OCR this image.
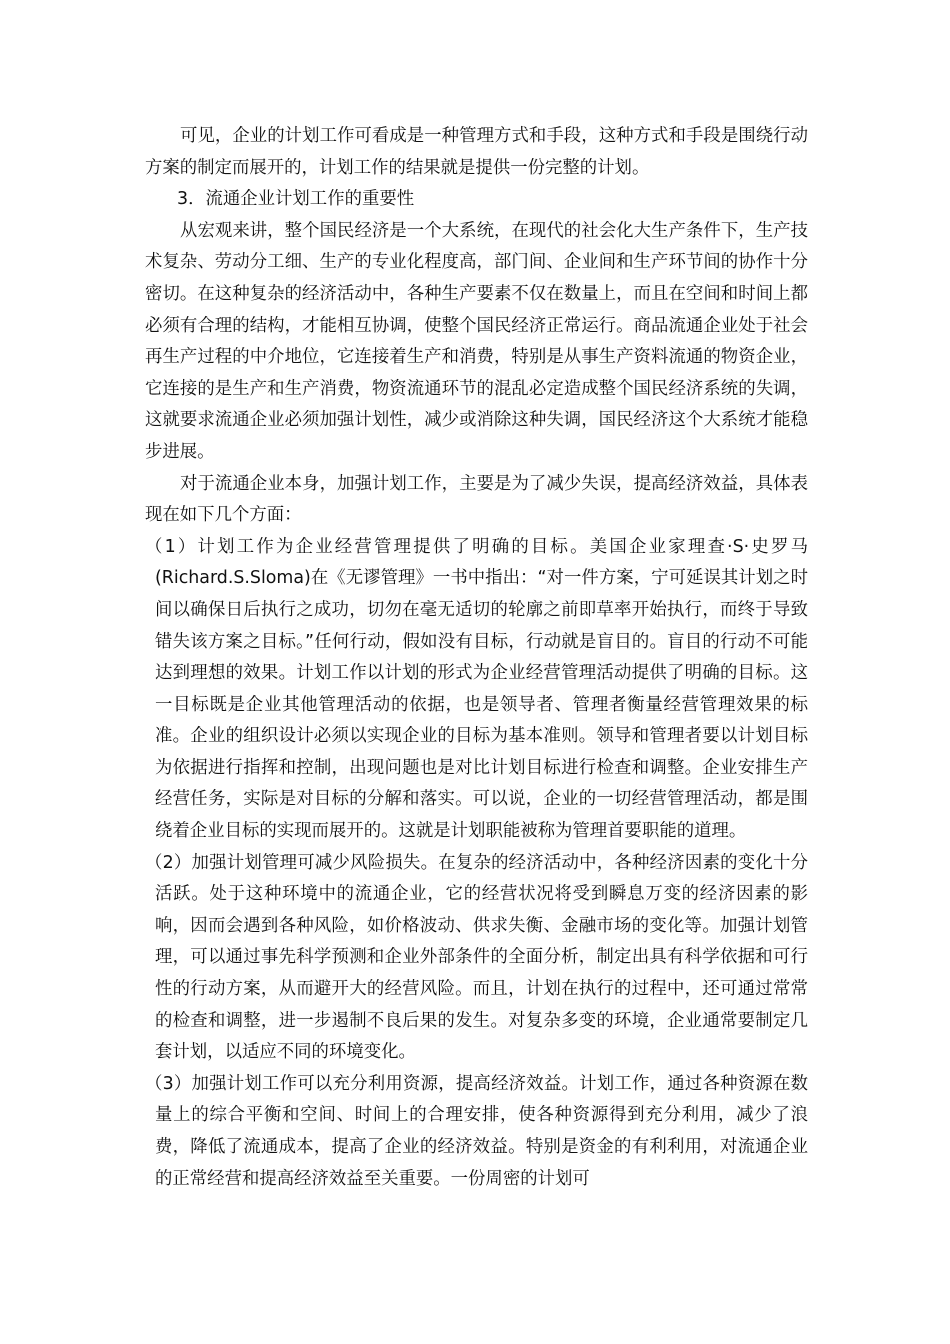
可见，企业的计划工作可看成是一种管理方式和手段，这种方式和手段是围绕行动方案的制定而展开的，计划工作的结果就是提供一份完整的计划。

3．流通企业计划工作的重要性

从宏观来讲，整个国民经济是一个大系统，在现代的社会化大生产条件下，生产技术复杂、劳动分工细、生产的专业化程度高，部门间、企业间和生产环节间的协作十分密切。在这种复杂的经济活动中，各种生产要素不仅在数量上，而且在空间和时间上都必须有合理的结构，才能相互协调，使整个国民经济正常运行。商品流通企业处于社会再生产过程的中介地位，它连接着生产和消费，特别是从事生产资料流通的物资企业，它连接的是生产和生产消费，物资流通环节的混乱必定造成整个国民经济系统的失调，这就要求流通企业必须加强计划性，减少或消除这种失调，国民经济这个大系统才能稳步进展。

对于流通企业本身，加强计划工作，主要是为了减少失误，提高经济效益，具体表现在如下几个方面：

（1）计划工作为企业经营管理提供了明确的目标。美国企业家理查·S·史罗马(Richard.S.Sloma)在《无谬管理》一书中指出：“对一件方案，宁可延误其计划之时间以确保日后执行之成功，切勿在毫无适切的轮廓之前即草率开始执行，而终于导致错失该方案之目标。”任何行动，假如没有目标，行动就是盲目的。盲目的行动不可能达到理想的效果。计划工作以计划的形式为企业经营管理活动提供了明确的目标。这一目标既是企业其他管理活动的依据，也是领导者、管理者衡量经营管理效果的标准。企业的组织设计必须以实现企业的目标为基本准则。领导和管理者要以计划目标为依据进行指挥和控制，出现问题也是对比计划目标进行检查和调整。企业安排生产经营任务，实际是对目标的分解和落实。可以说，企业的一切经营管理活动，都是围绕着企业目标的实现而展开的。这就是计划职能被称为管理首要职能的道理。

（2）加强计划管理可减少风险损失。在复杂的经济活动中，各种经济因素的变化十分活跃。处于这种环境中的流通企业，它的经营状况将受到瞬息万变的经济因素的影响，因而会遇到各种风险，如价格波动、供求失衡、金融市场的变化等。加强计划管理，可以通过事先科学预测和企业外部条件的全面分析，制定出具有科学依据和可行性的行动方案，从而避开大的经营风险。而且，计划在执行的过程中，还可通过常常的检查和调整，进一步遏制不良后果的发生。对复杂多变的环境，企业通常要制定几套计划，以适应不同的环境变化。

（3）加强计划工作可以充分利用资源，提高经济效益。计划工作，通过各种资源在数量上的综合平衡和空间、时间上的合理安排，使各种资源得到充分利用，减少了浪费，降低了流通成本，提高了企业的经济效益。特别是资金的有利利用，对流通企业的正常经营和提高经济效益至关重要。一份周密的计划可
